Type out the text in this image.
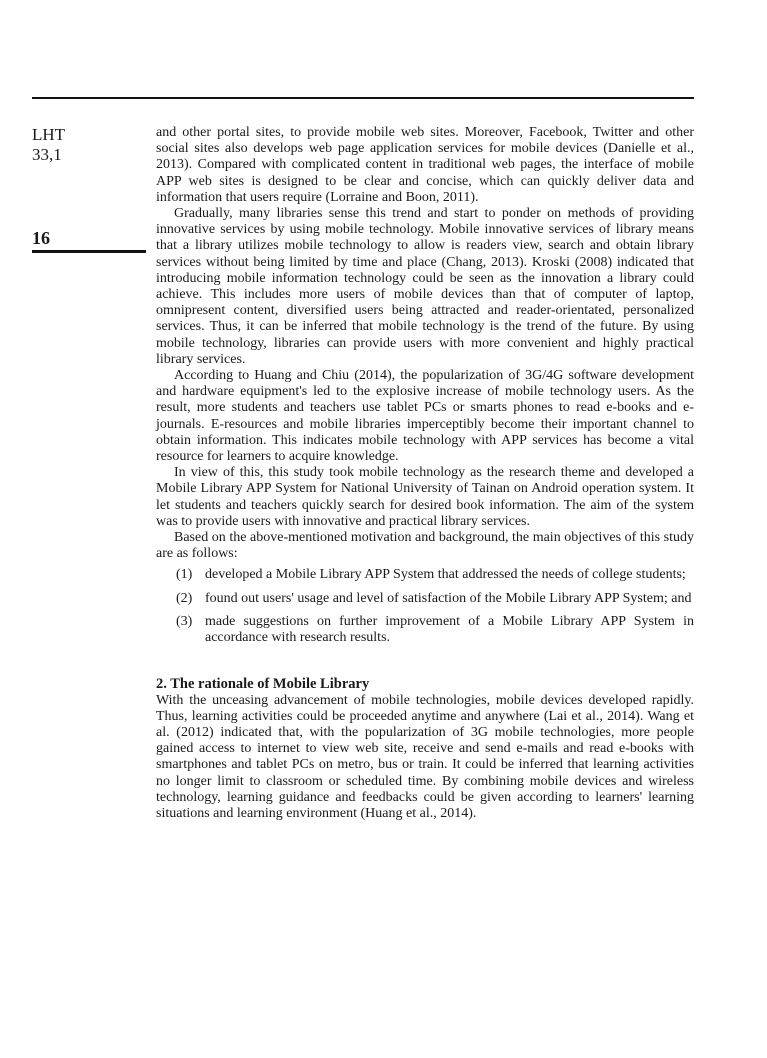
LHT
33,1
16

and other portal sites, to provide mobile web sites. Moreover, Facebook, Twitter and other social sites also develops web page application services for mobile devices (Danielle et al., 2013). Compared with complicated content in traditional web pages, the interface of mobile APP web sites is designed to be clear and concise, which can quickly deliver data and information that users require (Lorraine and Boon, 2011).

Gradually, many libraries sense this trend and start to ponder on methods of providing innovative services by using mobile technology. Mobile innovative services of library means that a library utilizes mobile technology to allow is readers view, search and obtain library services without being limited by time and place (Chang, 2013). Kroski (2008) indicated that introducing mobile information technology could be seen as the innovation a library could achieve. This includes more users of mobile devices than that of computer of laptop, omnipresent content, diversified users being attracted and reader-orientated, personalized services. Thus, it can be inferred that mobile technology is the trend of the future. By using mobile technology, libraries can provide users with more convenient and highly practical library services.

According to Huang and Chiu (2014), the popularization of 3G/4G software development and hardware equipment's led to the explosive increase of mobile technology users. As the result, more students and teachers use tablet PCs or smarts phones to read e-books and e-journals. E-resources and mobile libraries imperceptibly become their important channel to obtain information. This indicates mobile technology with APP services has become a vital resource for learners to acquire knowledge.

In view of this, this study took mobile technology as the research theme and developed a Mobile Library APP System for National University of Tainan on Android operation system. It let students and teachers quickly search for desired book information. The aim of the system was to provide users with innovative and practical library services.

Based on the above-mentioned motivation and background, the main objectives of this study are as follows:

(1) developed a Mobile Library APP System that addressed the needs of college students;
(2) found out users' usage and level of satisfaction of the Mobile Library APP System; and
(3) made suggestions on further improvement of a Mobile Library APP System in accordance with research results.
2. The rationale of Mobile Library

With the unceasing advancement of mobile technologies, mobile devices developed rapidly. Thus, learning activities could be proceeded anytime and anywhere (Lai et al., 2014). Wang et al. (2012) indicated that, with the popularization of 3G mobile technologies, more people gained access to internet to view web site, receive and send e-mails and read e-books with smartphones and tablet PCs on metro, bus or train. It could be inferred that learning activities no longer limit to classroom or scheduled time. By combining mobile devices and wireless technology, learning guidance and feedbacks could be given according to learners' learning situations and learning environment (Huang et al., 2014).
